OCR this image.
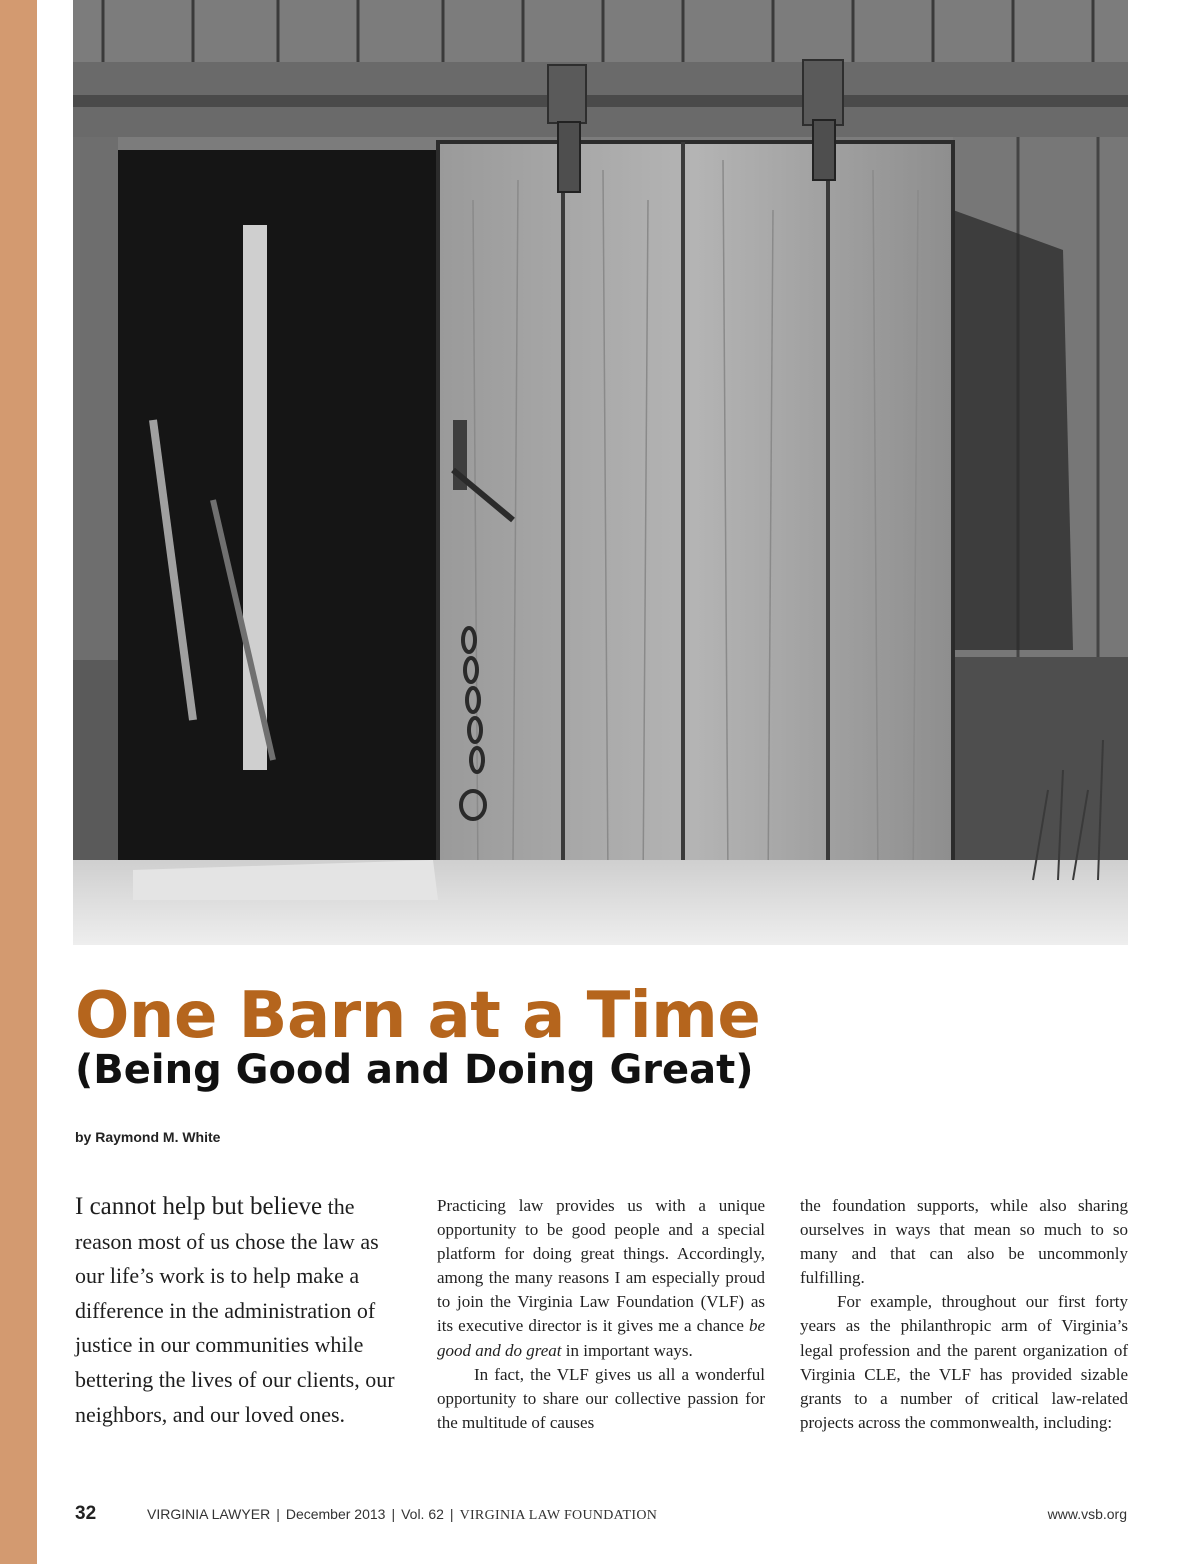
One Barn at a Time
(Being Good and Doing Great)
by Raymond M. White
I cannot help but believe the reason most of us chose the law as our life’s work is to help make a difference in the administration of justice in our communities while bettering the lives of our clients, our neighbors, and our loved ones.

Practicing law provides us with a unique opportunity to be good people and a special platform for doing great things. Accordingly, among the many reasons I am especially proud to join the Virginia Law Foundation (VLF) as its executive director is it gives me a chance be good and do great in important ways.

In fact, the VLF gives us all a wonderful opportunity to share our collective passion for the multitude of causes

the foundation supports, while also sharing ourselves in ways that mean so much to so many and that can also be uncommonly fulfilling.

For example, throughout our first forty years as the philanthropic arm of Virginia’s legal profession and the parent organization of Virginia CLE, the VLF has provided sizable grants to a number of critical law-related projects across the commonwealth, including:

32	VIRGINIA LAWYER | December 2013 | Vol. 62 | VIRGINIA LAW FOUNDATION	www.vsb.org
